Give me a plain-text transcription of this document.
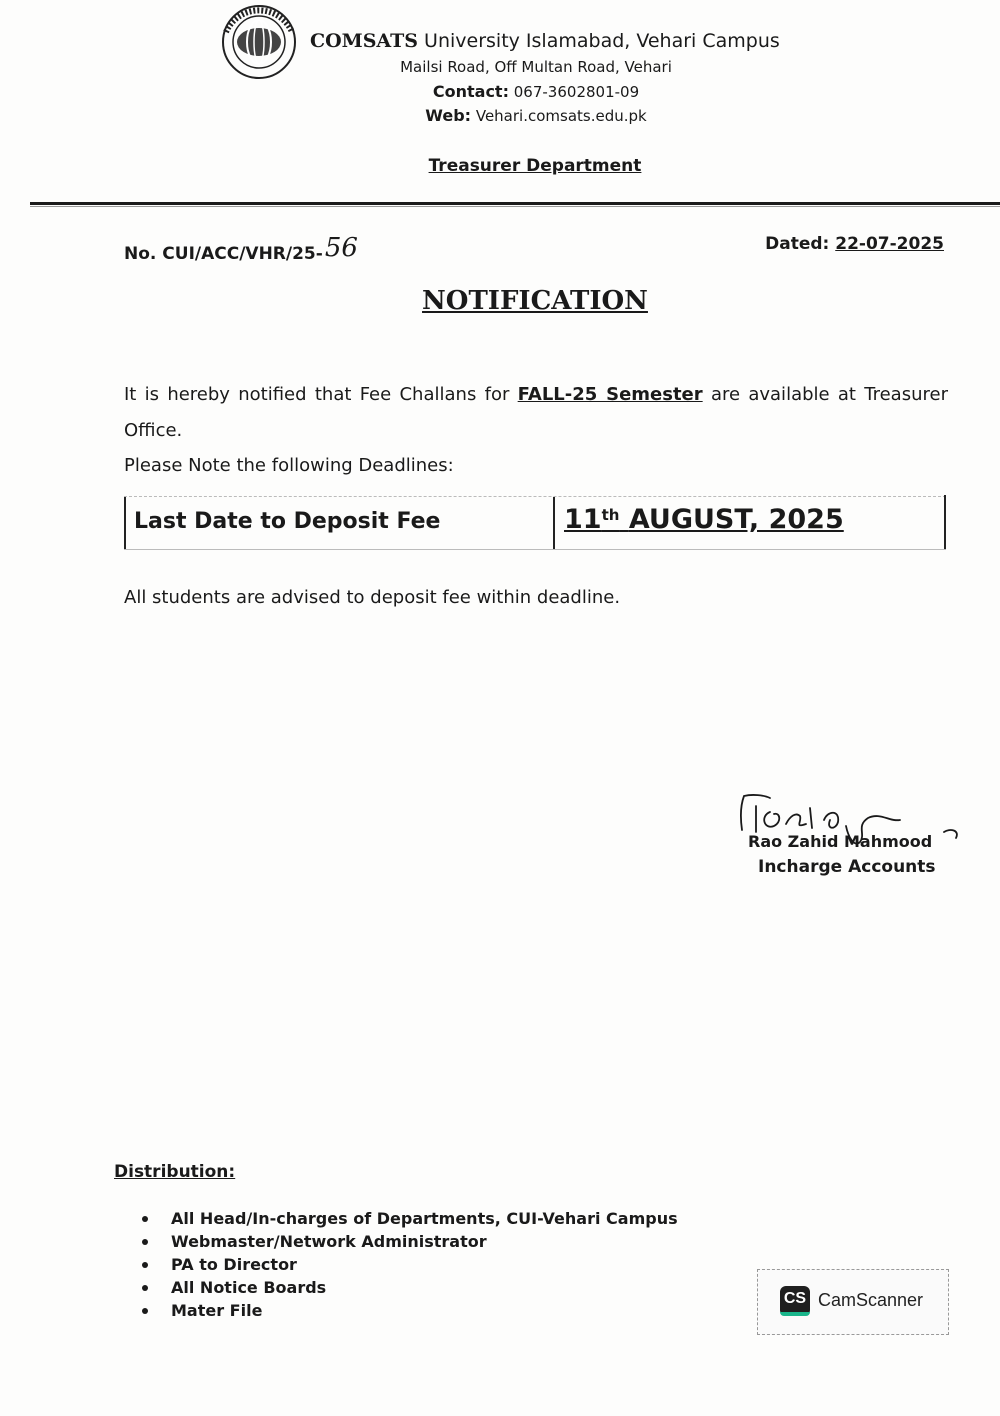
COMSATS University Islamabad, Vehari Campus
Mailsi Road, Off Multan Road, Vehari
Contact: 067-3602801-09
Web: Vehari.comsats.edu.pk
Treasurer Department
No. CUI/ACC/VHR/25-56	Dated: 22-07-2025
NOTIFICATION
It is hereby notified that Fee Challans for FALL-25 Semester are available at Treasurer Office.
Please Note the following Deadlines:
Last Date to Deposit Fee	11th AUGUST, 2025
All students are advised to deposit fee within deadline.
Rao Zahid Mahmood
Incharge Accounts
Distribution:
All Head/In-charges of Departments, CUI-Vehari Campus
Webmaster/Network Administrator
PA to Director
All Notice Boards
Mater File
CS CamScanner
